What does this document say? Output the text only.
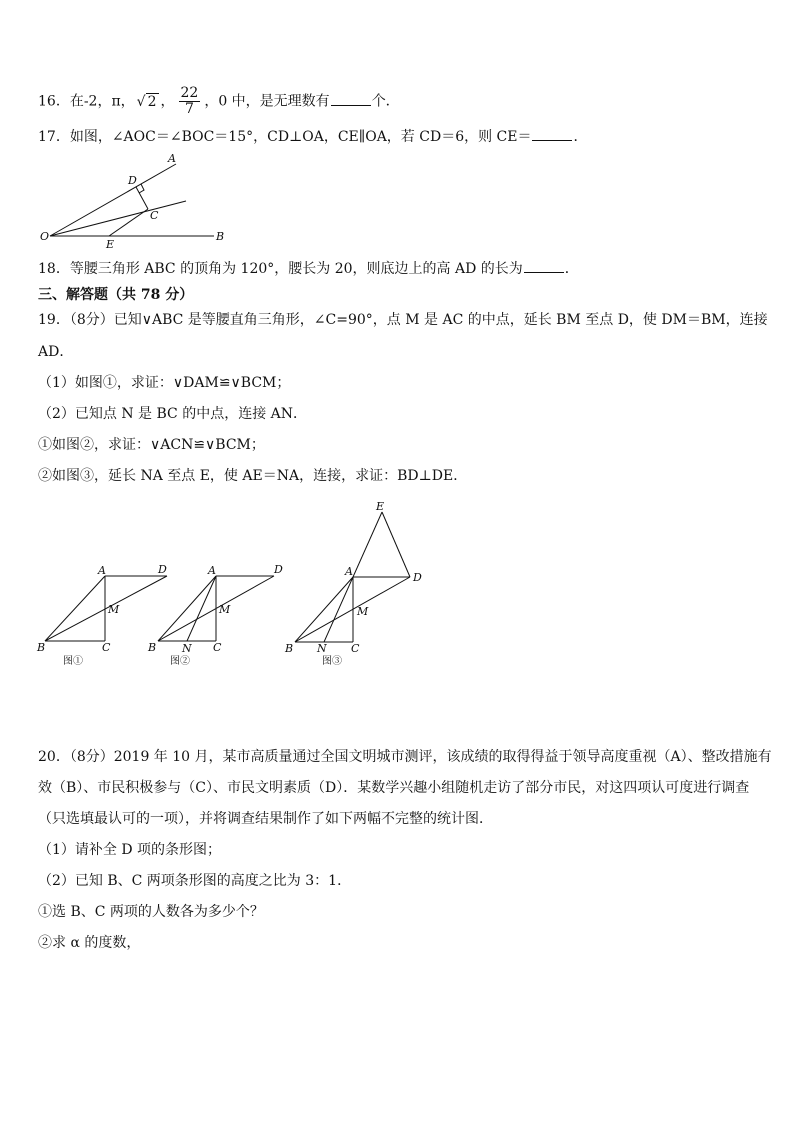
16．在-2，π， √ 2 ， $\frac{22}{7}$ ，0 中，是无理数有	个．
17．如图，∠AOC＝∠BOC＝15°，CD⊥OA，CE∥OA，若 CD＝6，则 CE＝	．
A
D
C
O
E
B
18．等腰三角形 ABC 的顶角为 120°，腰长为 20，则底边上的高 AD 的长为	．
三、解答题（共 78 分）
19．（8分）已知∨ABC 是等腰直角三角形，∠C=90°，点 M 是 AC 的中点，延长 BM 至点 D，使 DM＝BM，连接
AD．
（1）如图①，求证：∨DAM≌∨BCM；
（2）已知点 N 是 BC 的中点，连接 AN．
①如图②，求证：∨ACN≌∨BCM；
②如图③，延长 NA 至点 E，使 AE＝NA，连接，求证：BD⊥DE．
A	D
M
B	C
图①
A	D
M
B N C
图②
E
A	D
M
B N C
图③
20．（8分）2019 年 10 月，某市高质量通过全国文明城市测评，该成绩的取得得益于领导高度重视（A）、整改措施有
效（B）、市民积极参与（C）、市民文明素质（D）．某数学兴趣小组随机走访了部分市民，对这四项认可度进行调查
（只选填最认可的一项），并将调查结果制作了如下两幅不完整的统计图．
（1）请补全 D 项的条形图；
（2）已知 B、C 两项条形图的高度之比为 3：1．
①选 B、C 两项的人数各为多少个？
②求 α 的度数，
